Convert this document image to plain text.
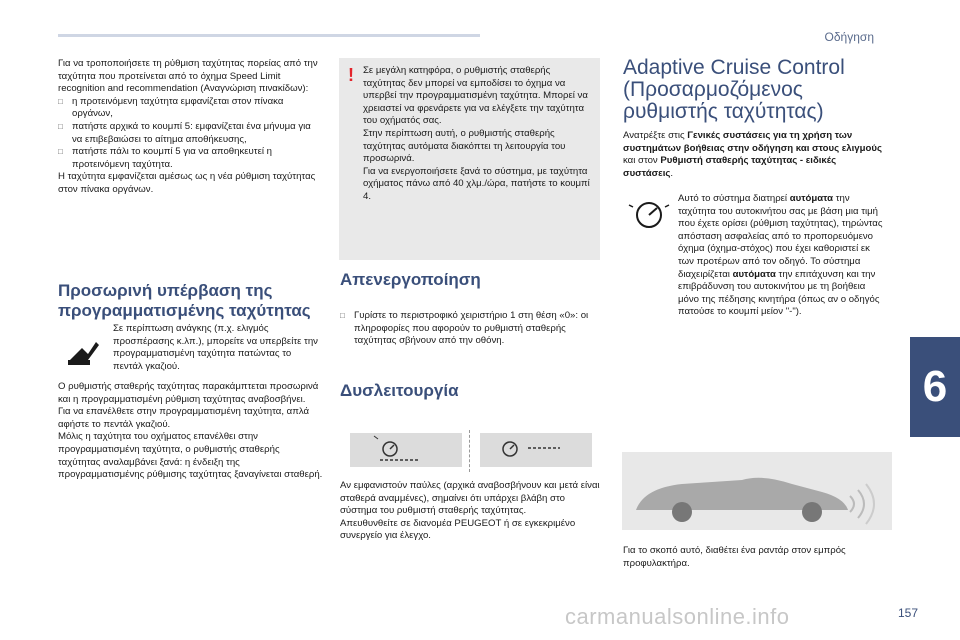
Οδήγηση

Για να τροποποιήσετε τη ρύθμιση ταχύτητας πορείας από την ταχύτητα που προτείνεται από το όχημα Speed Limit recognition and recommendation (Αναγνώριση πινακίδων):

□ η προτεινόμενη ταχύτητα εμφανίζεται στον πίνακα οργάνων,

□ πατήστε αρχικά το κουμπί 5: εμφανίζεται ένα μήνυμα για να επιβεβαιώσει το αίτημα αποθήκευσης,

□ πατήστε πάλι το κουμπί 5 για να αποθηκευτεί η προτεινόμενη ταχύτητα.

Η ταχύτητα εμφανίζεται αμέσως ως η νέα ρύθμιση ταχύτητας στον πίνακα οργάνων.

Προσωρινή υπέρβαση της προγραμματισμένης ταχύτητας
Σε περίπτωση ανάγκης (π.χ. ελιγμός προσπέρασης κ.λπ.), μπορείτε να υπερβείτε την προγραμματισμένη ταχύτητα πατώντας το πεντάλ γκαζιού.
Ο ρυθμιστής σταθερής ταχύτητας παρακάμπτεται προσωρινά και η προγραμματισμένη ρύθμιση ταχύτητας αναβοσβήνει.
Για να επανέλθετε στην προγραμματισμένη ταχύτητα, απλά αφήστε το πεντάλ γκαζιού.
Μόλις η ταχύτητα του οχήματος επανέλθει στην προγραμματισμένη ταχύτητα, ο ρυθμιστής σταθερής ταχύτητας αναλαμβάνει ξανά: η ένδειξη της προγραμματισμένης ρύθμισης ταχύτητας ξαναγίνεται σταθερή.
! Σε μεγάλη κατηφόρα, ο ρυθμιστής σταθερής ταχύτητας δεν μπορεί να εμποδίσει το όχημα να υπερβεί την προγραμματισμένη ταχύτητα. Μπορεί να χρειαστεί να φρενάρετε για να ελέγξετε την ταχύτητα του οχήματός σας.
Στην περίπτωση αυτή, ο ρυθμιστής σταθερής ταχύτητας αυτόματα διακόπτει τη λειτουργία του προσωρινά.
Για να ενεργοποιήσετε ξανά το σύστημα, με ταχύτητα οχήματος πάνω από 40 χλμ./ώρα, πατήστε το κουμπί 4.
Απενεργοποίηση

□ Γυρίστε το περιστροφικό χειριστήριο 1 στη θέση «0»: οι πληροφορίες που αφορούν το ρυθμιστή σταθερής ταχύτητας σβήνουν από την οθόνη.

Δυσλειτουργία
Αν εμφανιστούν παύλες (αρχικά αναβοσβήνουν και μετά είναι σταθερά αναμμένες), σημαίνει ότι υπάρχει βλάβη στο σύστημα του ρυθμιστή σταθερής ταχύτητας.
Απευθυνθείτε σε διανομέα PEUGEOT ή σε εγκεκριμένο συνεργείο για έλεγχο.
Adaptive Cruise Control (Προσαρμοζόμενος ρυθμιστής ταχύτητας)
Ανατρέξτε στις Γενικές συστάσεις για τη χρήση των συστημάτων βοήθειας στην οδήγηση και στους ελιγμούς και στον Ρυθμιστή σταθερής ταχύτητας - ειδικές συστάσεις.
Αυτό το σύστημα διατηρεί αυτόματα την ταχύτητα του αυτοκινήτου σας με βάση μια τιμή που έχετε ορίσει (ρύθμιση ταχύτητας), τηρώντας απόσταση ασφαλείας από το προπορευόμενο όχημα (όχημα-στόχος) που έχει καθοριστεί εκ των προτέρων από τον οδηγό. Το σύστημα διαχειρίζεται αυτόματα την επιτάχυνση και την επιβράδυνση του αυτοκινήτου με τη βοήθεια μόνο της πέδησης κινητήρα (όπως αν ο οδηγός πατούσε το κουμπί μείον "-").
Για το σκοπό αυτό, διαθέτει ένα ραντάρ στον εμπρός προφυλακτήρα.
6
carmanualsonline.info	157
